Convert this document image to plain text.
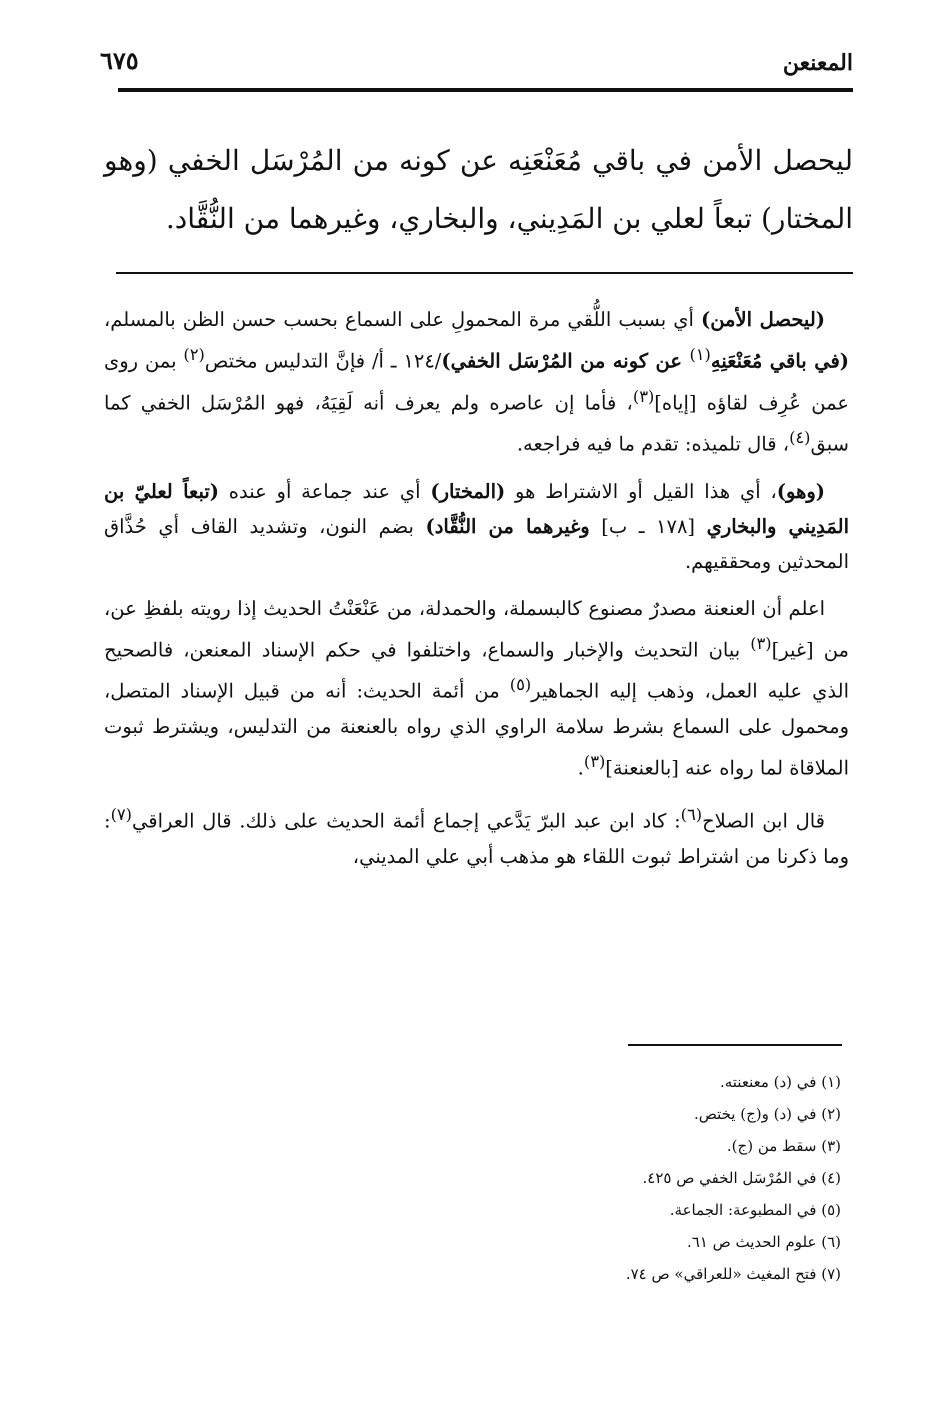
المعنعن
٦٧٥
ليحصل الأمن في باقي مُعَنْعَنِه عن كونه من المُرْسَل الخفي (وهو المختار) تبعاً لعلي بن المَدِيني، والبخاري، وغيرهما من النُّقَّاد.

(ليحصل الأمن) أي بسبب اللُّقي مرة المحمولِ على السماع بحسب حسن الظن بالمسلم، (في باقي مُعَنْعَنِهِ$^{(١)}$ عن كونه من المُرْسَل الخفي)/١٢٤ ـ أ/ فإنَّ التدليس مختص$^{(٢)}$ بمن روى عمن عُرِف لقاؤه [إياه]$^{(٣)}$، فأما إن عاصره ولم يعرف أنه لَقِيَهُ، فهو المُرْسَل الخفي كما سبق$^{(٤)}$، قال تلميذه: تقدم ما فيه فراجعه.

(وهو)، أي هذا القيل أو الاشتراط هو (المختار) أي عند جماعة أو عنده (تبعاً لعليّ بن المَدِيني والبخاري [١٧٨ ـ ب] وغيرهما من النُّقَّاد) بضم النون، وتشديد القاف أي حُذَّاق المحدثين ومحققيهم.

اعلم أن العنعنة مصدرٌ مصنوع كالبسملة، والحمدلة، من عَنْعَنْتُ الحديث إذا رويته بلفظِ عن، من [غير]$^{(٣)}$ بيان التحديث والإخبار والسماع، واختلفوا في حكم الإسناد المعنعن، فالصحيح الذي عليه العمل، وذهب إليه الجماهير$^{(٥)}$ من أئمة الحديث: أنه من قبيل الإسناد المتصل، ومحمول على السماع بشرط سلامة الراوي الذي رواه بالعنعنة من التدليس، ويشترط ثبوت الملاقاة لما رواه عنه [بالعنعنة]$^{(٣)}$.

قال ابن الصلاح$^{(٦)}$: كاد ابن عبد البرّ يَدَّعي إجماع أئمة الحديث على ذلك. قال العراقي$^{(٧)}$: وما ذكرنا من اشتراط ثبوت اللقاء هو مذهب أبي علي المديني،

(١) في (د) معنعنته.
(٢) في (د) و(ج) يختص.
(٣) سقط من (ج).
(٤) في المُرْسَل الخفي ص ٤٢٥.
(٥) في المطبوعة: الجماعة.
(٦) علوم الحديث ص ٦١.
(٧) فتح المغيث «للعراقي» ص ٧٤.
